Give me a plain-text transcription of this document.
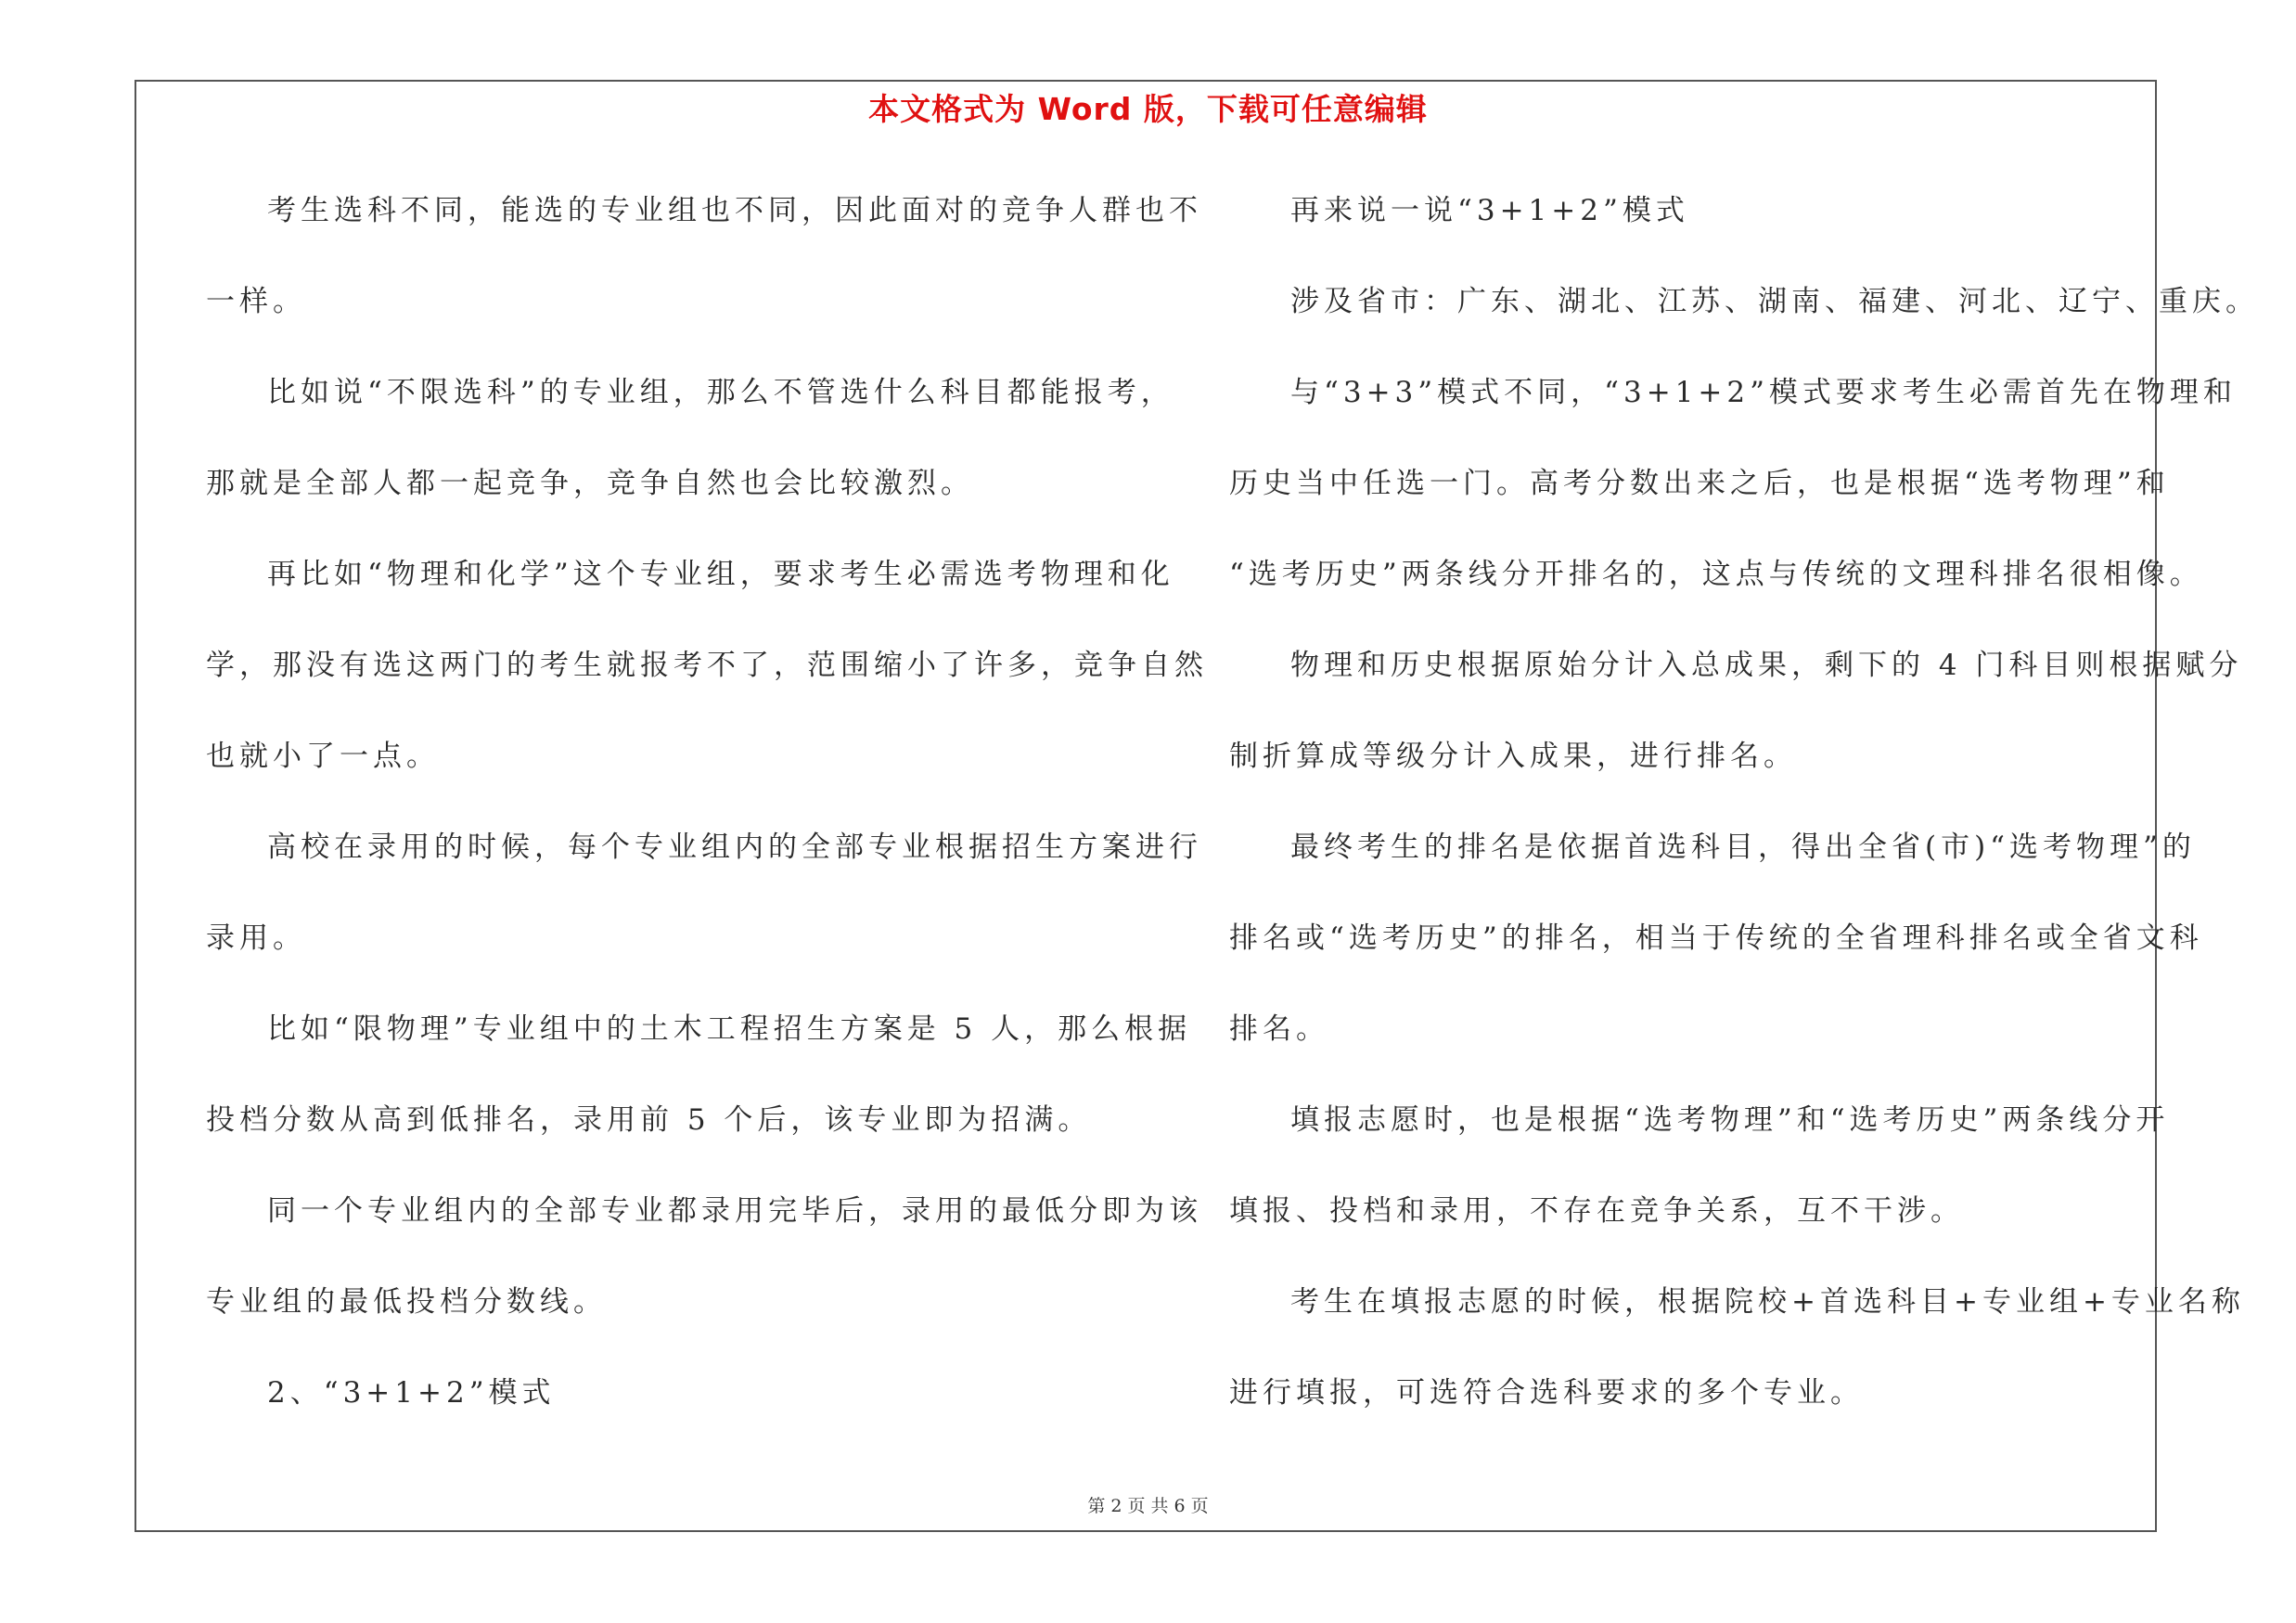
本文格式为 Word 版，下载可任意编辑
考生选科不同，能选的专业组也不同，因此面对的竞争人群也不
一样。
比如说“不限选科”的专业组，那么不管选什么科目都能报考，
那就是全部人都一起竞争，竞争自然也会比较激烈。
再比如“物理和化学”这个专业组，要求考生必需选考物理和化
学，那没有选这两门的考生就报考不了，范围缩小了许多，竞争自然
也就小了一点。
高校在录用的时候，每个专业组内的全部专业根据招生方案进行
录用。
比如“限物理”专业组中的土木工程招生方案是 5 人，那么根据
投档分数从高到低排名，录用前 5 个后，该专业即为招满。
同一个专业组内的全部专业都录用完毕后，录用的最低分即为该
专业组的最低投档分数线。
2、“3+1+2”模式
再来说一说“3+1+2”模式
涉及省市：广东、湖北、江苏、湖南、福建、河北、辽宁、重庆。
与“3+3”模式不同，“3+1+2”模式要求考生必需首先在物理和
历史当中任选一门。高考分数出来之后，也是根据“选考物理”和
“选考历史”两条线分开排名的，这点与传统的文理科排名很相像。
物理和历史根据原始分计入总成果，剩下的 4 门科目则根据赋分
制折算成等级分计入成果，进行排名。
最终考生的排名是依据首选科目，得出全省(市)“选考物理”的
排名或“选考历史”的排名，相当于传统的全省理科排名或全省文科
排名。
填报志愿时，也是根据“选考物理”和“选考历史”两条线分开
填报、投档和录用，不存在竞争关系，互不干涉。
考生在填报志愿的时候，根据院校+首选科目+专业组+专业名称
进行填报，可选符合选科要求的多个专业。
第 2 页 共 6 页
